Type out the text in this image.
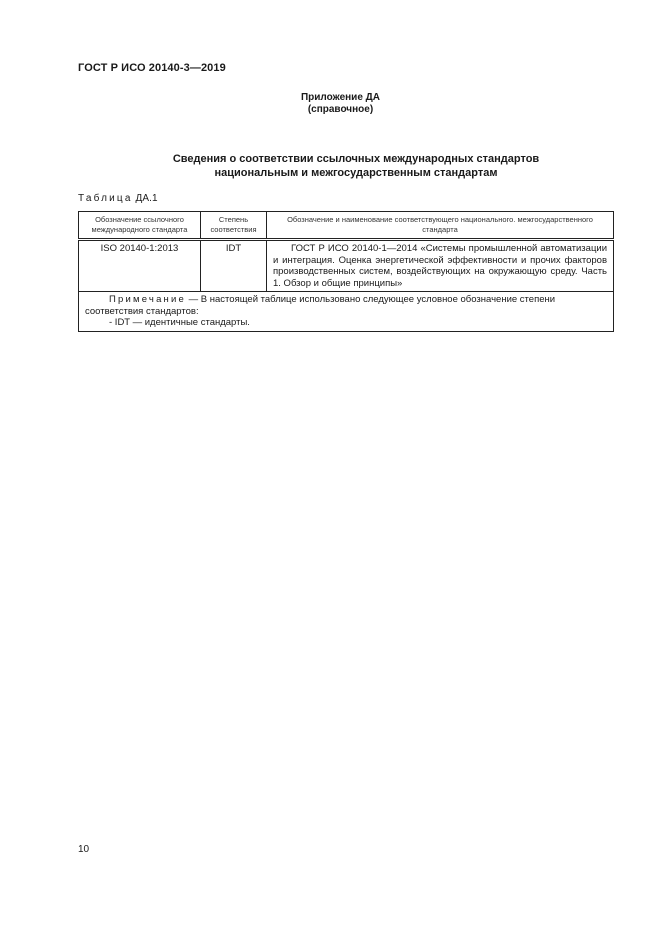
ГОСТ Р ИСО 20140-3—2019
Приложение ДА
(справочное)
Сведения о соответствии ссылочных международных стандартов
национальным и межгосударственным стандартам
Таблица ДА.1
Обозначение ссылочного международного стандарта	Степень соответствия	Обозначение и наименование соответствующего национального. межгосударственного стандарта
ISO 20140-1:2013	IDT	ГОСТ Р ИСО 20140-1—2014 «Системы промышленной автоматизации и интеграция. Оценка энергетической эффективности и прочих факторов производственных систем, воздействующих на окружающую среду. Часть 1. Обзор и общие принципы»

Примечание — В настоящей таблице использовано следующее условное обозначение степени соответствия стандартов:
- IDT — идентичные стандарты.		
10
